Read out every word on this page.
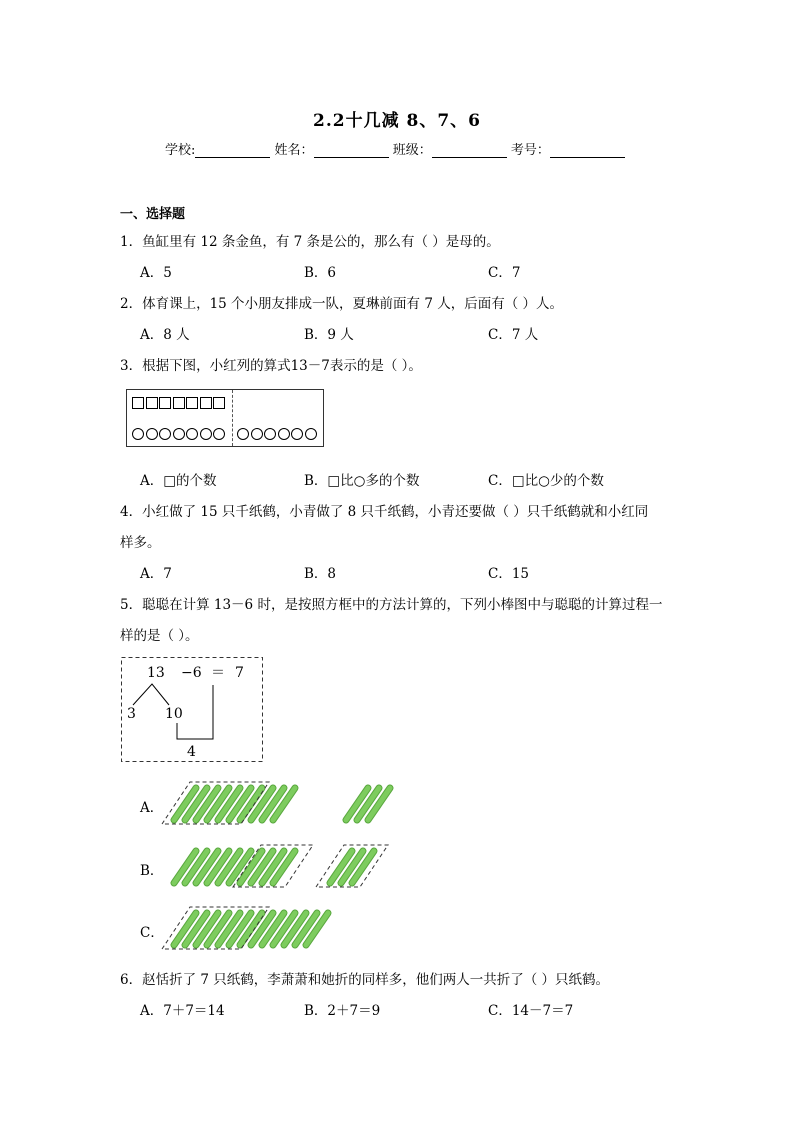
2.2十几减 8、7、6
学校:	姓名：	班级：	考号：
一、选择题
1．鱼缸里有 12 条金鱼，有 7 条是公的，那么有（ ）是母的。
A．5	B．6	C．7
2．体育课上，15 个小朋友排成一队，夏琳前面有 7 人，后面有（ ）人。
A．8 人	B．9 人	C．7 人
3．根据下图，小红列的算式13－7表示的是（ ）。
A．□的个数	B．□比○多的个数	C．□比○少的个数
4．小红做了 15 只千纸鹤，小青做了 8 只千纸鹤，小青还要做（ ）只千纸鹤就和小红同
样多。
A．7	B．8	C．15
5．聪聪在计算 13－6 时，是按照方框中的方法计算的，下列小棒图中与聪聪的计算过程一
样的是（ ）。
13 −6 ＝ 7
3 10
4
A．
B．
C．
6．赵恬折了 7 只纸鹤，李萧萧和她折的同样多，他们两人一共折了（ ）只纸鹤。
A．7＋7＝14	B．2＋7＝9	C．14－7＝7
